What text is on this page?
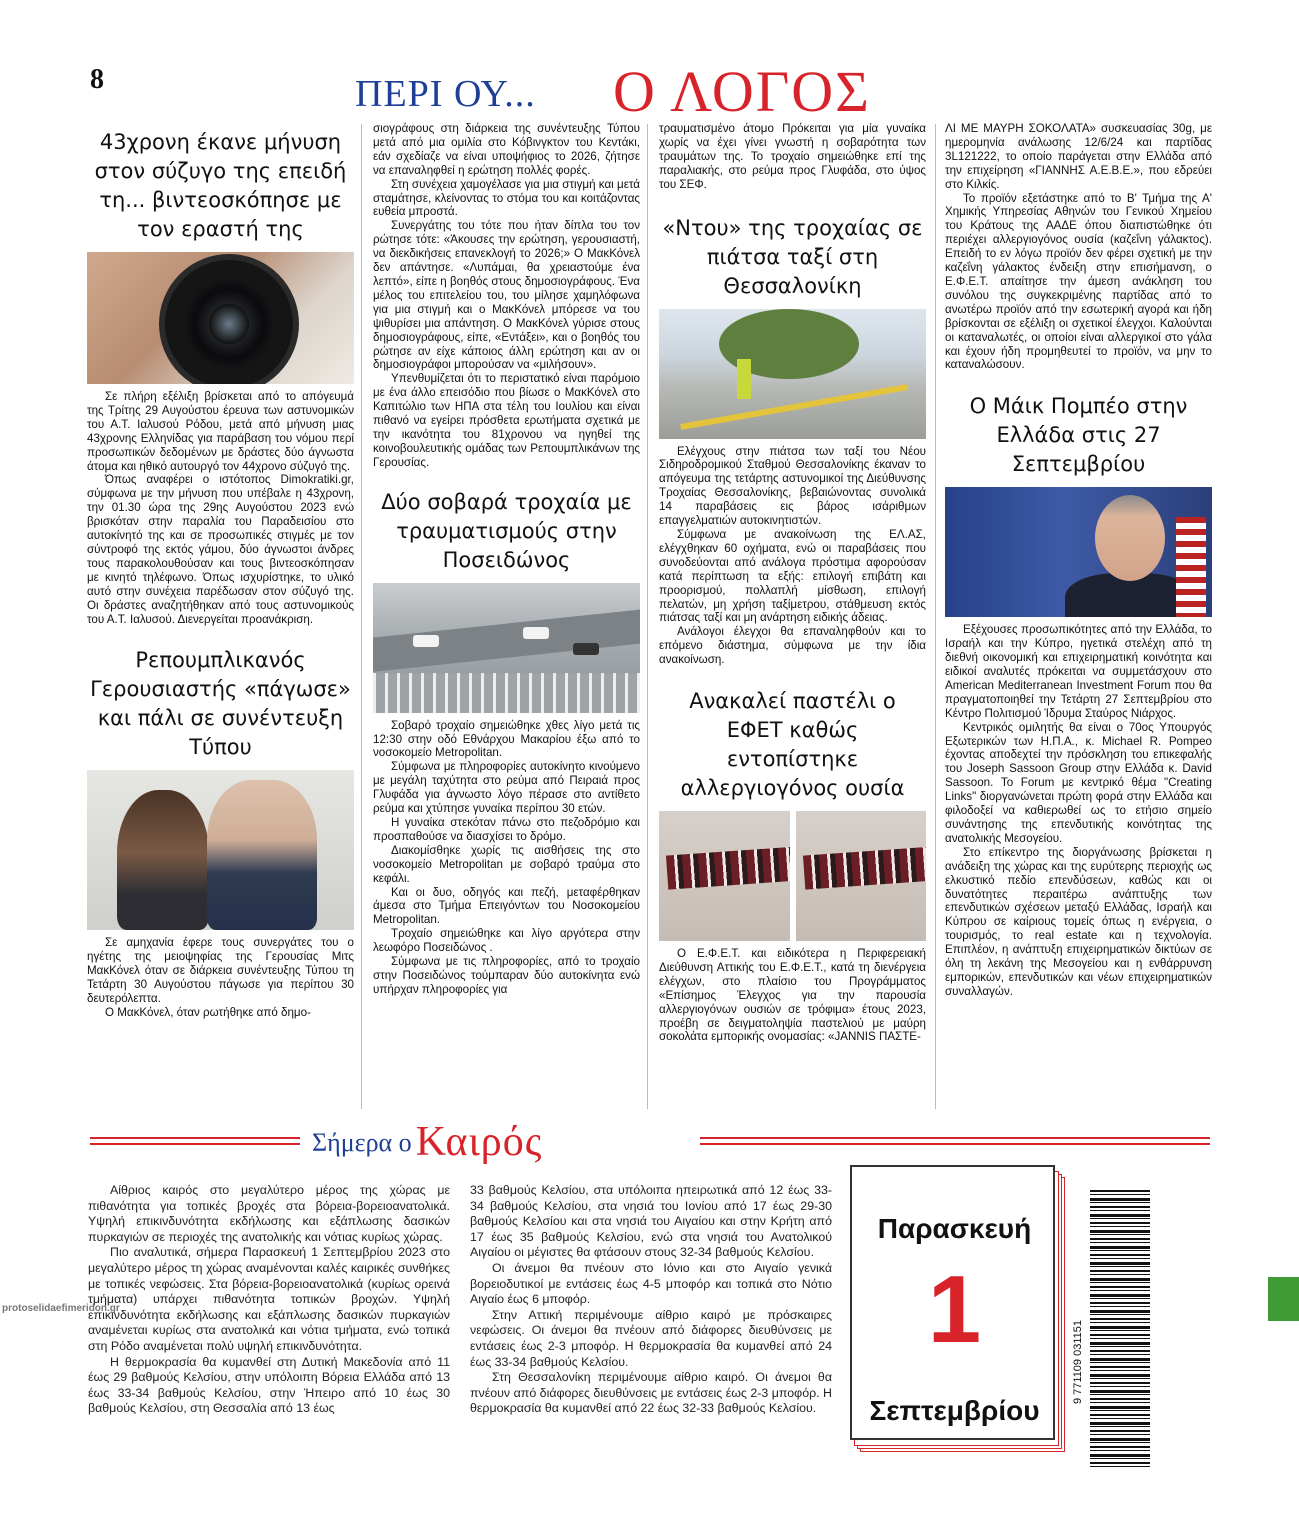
8	ΠΕΡΙ ΟΥ... Ο ΛΟΓΟΣ
43χρονη έκανε μήνυση στον σύζυγο της επειδή τη... βιντεοσκόπησε με τον εραστή της

Σε πλήρη εξέλιξη βρίσκεται από το απόγευμά της Τρίτης 29 Αυγούστου έρευνα των αστυνομικών του Α.Τ. Ιαλυσού Ρόδου, μετά από μήνυση μιας 43χρονης Ελληνίδας για παράβαση του νόμου περί προσωπικών δεδομένων με δράστες δύο άγνωστα άτομα και ηθικό αυτουργό τον 44χρονο σύζυγό της.

Όπως αναφέρει ο ιστότοπος Dimokratiki.gr, σύμφωνα με την μήνυση που υπέβαλε η 43χρονη, την 01.30 ώρα της 29ης Αυγούστου 2023 ενώ βρισκόταν στην παραλία του Παραδεισίου στο αυτοκίνητό της και σε προσωπικές στιγμές με τον σύντροφό της εκτός γάμου, δύο άγνωστοι άνδρες τους παρακολουθούσαν και τους βιντεοσκόπησαν με κινητό τηλέφωνο. Όπως ισχυρίστηκε, το υλικό αυτό στην συνέχεια παρέδωσαν στον σύζυγό της. Οι δράστες αναζητήθηκαν από τους αστυνομικούς του Α.Τ. Ιαλυσού. Διενεργείται προανάκριση.

Ρεπουμπλικανός Γερουσιαστής «πάγωσε» και πάλι σε συνέντευξη Τύπου

Σε αμηχανία έφερε τους συνεργάτες του ο ηγέτης της μειοψηφίας της Γερουσίας Μιτς ΜακΚόνελ όταν σε διάρκεια συνέντευξης Τύπου τη Τετάρτη 30 Αυγούστου πάγωσε για περίπου 30 δευτερόλεπτα.

Ο ΜακΚόνελ, όταν ρωτήθηκε από δημο-

σιογράφους στη διάρκεια της συνέντευξης Τύπου μετά από μια ομιλία στο Κόβινγκτον του Κεντάκι, εάν σχεδίαζε να είναι υποψήφιος το 2026, ζήτησε να επαναληφθεί η ερώτηση πολλές φορές.

Στη συνέχεια χαμογέλασε για μια στιγμή και μετά σταμάτησε, κλείνοντας το στόμα του και κοιτάζοντας ευθεία μπροστά.

Συνεργάτης του τότε που ήταν δίπλα του τον ρώτησε τότε: «Άκουσες την ερώτηση, γερουσιαστή, να διεκδικήσεις επανεκλογή το 2026;» Ο ΜακΚόνελ δεν απάντησε. «Λυπάμαι, θα χρειαστούμε ένα λεπτό», είπε η βοηθός στους δημοσιογράφους. Ένα μέλος του επιτελείου του, του μίλησε χαμηλόφωνα για μια στιγμή και ο ΜακΚόνελ μπόρεσε να του ψιθυρίσει μια απάντηση. Ο ΜακΚόνελ γύρισε στους δημοσιογράφους, είπε, «Εντάξει», και ο βοηθός του ρώτησε αν είχε κάποιος άλλη ερώτηση και αν οι δημοσιογράφοι μπορούσαν να «μιλήσουν».

Υπενθυμίζεται ότι το περιστατικό είναι παρόμοιο με ένα άλλο επεισόδιο που βίωσε ο ΜακΚόνελ στο Καπιτώλιο των ΗΠΑ στα τέλη του Ιουλίου και είναι πιθανό να εγείρει πρόσθετα ερωτήματα σχετικά με την ικανότητα του 81χρονου να ηγηθεί της κοινοβουλευτικής ομάδας των Ρεπουμπλικάνων της Γερουσίας.

Δύο σοβαρά τροχαία με τραυματισμούς στην Ποσειδώνος

Σοβαρό τροχαίο σημειώθηκε χθες λίγο μετά τις 12:30 στην οδό Εθνάρχου Μακαρίου έξω από το νοσοκομείο Metropolitan.

Σύμφωνα με πληροφορίες αυτοκίνητο κινούμενο με μεγάλη ταχύτητα στο ρεύμα από Πειραιά προς Γλυφάδα για άγνωστο λόγο πέρασε στο αντίθετο ρεύμα και χτύπησε γυναίκα περίπου 30 ετών.

Η γυναίκα στεκόταν πάνω στο πεζοδρόμιο και προσπαθούσε να διασχίσει το δρόμο.

Διακομίσθηκε χωρίς τις αισθήσεις της στο νοσοκομείο Metropolitan με σοβαρό τραύμα στο κεφάλι.

Και οι δυο, οδηγός και πεζή, μεταφέρθηκαν άμεσα στο Τμήμα Επειγόντων του Νοσοκομείου Metropolitan.

Τροχαίο σημειώθηκε και λίγο αργότερα στην λεωφόρο Ποσειδώνος .

Σύμφωνα με τις πληροφορίες, από το τροχαίο στην Ποσειδώνος τούμπαραν δύο αυτοκίνητα ενώ υπήρχαν πληροφορίες για

τραυματισμένο άτομο Πρόκειται για μία γυναίκα χωρίς να έχει γίνει γνωστή η σοβαρότητα των τραυμάτων της. Το τροχαίο σημειώθηκε επί της παραλιακής, στο ρεύμα προς Γλυφάδα, στο ύψος του ΣΕΦ.

«Ντου» της τροχαίας σε πιάτσα ταξί στη Θεσσαλονίκη

Ελέγχους στην πιάτσα των ταξί του Νέου Σιδηροδρομικού Σταθμού Θεσσαλονίκης έκαναν το απόγευμα της τετάρτης αστυνομικοί της Διεύθυνσης Τροχαίας Θεσσαλονίκης, βεβαιώνοντας συνολικά 14 παραβάσεις εις βάρος ισάριθμων επαγγελματιών αυτοκινητιστών.

Σύμφωνα με ανακοίνωση της ΕΛ.ΑΣ, ελέγχθηκαν 60 οχήματα, ενώ οι παραβάσεις που συνοδεύονται από ανάλογα πρόστιμα αφορούσαν κατά περίπτωση τα εξής: επιλογή επιβάτη και προορισμού, πολλαπλή μίσθωση, επιλογή πελατών, μη χρήση ταξίμετρου, στάθμευση εκτός πιάτσας ταξί και μη ανάρτηση ειδικής άδειας.

Ανάλογοι έλεγχοι θα επαναληφθούν και το επόμενο διάστημα, σύμφωνα με την ίδια ανακοίνωση.

Ανακαλεί παστέλι ο ΕΦΕΤ καθώς εντοπίστηκε αλλεργιογόνος ουσία

Ο Ε.Φ.Ε.Τ. και ειδικότερα η Περιφερειακή Διεύθυνση Αττικής του Ε.Φ.Ε.Τ., κατά τη διενέργεια ελέγχων, στο πλαίσιο του Προγράμματος «Επίσημος Έλεγχος για την παρουσία αλλεργιογόνων ουσιών σε τρόφιμα» έτους 2023, προέβη σε δειγματοληψία παστελιού με μαύρη σοκολάτα εμπορικής ονομασίας: «JANNIS ΠΑΣΤΕ-

ΛΙ ΜΕ ΜΑΥΡΗ ΣΟΚΟΛΑΤΑ» συσκευασίας 30g, με ημερομηνία ανάλωσης 12/6/24 και παρτίδας 3L121222, το οποίο παράγεται στην Ελλάδα από την επιχείρηση «ΓΙΑΝΝΗΣ Α.Ε.Β.Ε.», που εδρεύει στο Κιλκίς.

Το προϊόν εξετάστηκε από το Β' Τμήμα της Α' Χημικής Υπηρεσίας Αθηνών του Γενικού Χημείου του Κράτους της ΑΑΔΕ όπου διαπιστώθηκε ότι περιέχει αλλεργιογόνος ουσία (καζεΐνη γάλακτος). Επειδή το εν λόγω προϊόν δεν φέρει σχετική με την καζεΐνη γάλακτος ένδειξη στην επισήμανση, ο Ε.Φ.Ε.Τ. απαίτησε την άμεση ανάκληση του συνόλου της συγκεκριμένης παρτίδας από το ανωτέρω προϊόν από την εσωτερική αγορά και ήδη βρίσκονται σε εξέλιξη οι σχετικοί έλεγχοι. Καλούνται οι καταναλωτές, οι οποίοι είναι αλλεργικοί στο γάλα και έχουν ήδη προμηθευτεί το προϊόν, να μην το καταναλώσουν.

Ο Μάικ Πομπέο στην Ελλάδα στις 27 Σεπτεμβρίου

Εξέχουσες προσωπικότητες από την Ελλάδα, το Ισραήλ και την Κύπρο, ηγετικά στελέχη από τη διεθνή οικονομική και επιχειρηματική κοινότητα και ειδικοί αναλυτές πρόκειται να συμμετάσχουν στο American Mediterranean Investment Forum που θα πραγματοποιηθεί την Τετάρτη 27 Σεπτεμβρίου στο Κέντρο Πολιτισμού Ίδρυμα Σταύρος Νιάρχος.

Κεντρικός ομιλητής θα είναι ο 70ος Υπουργός Εξωτερικών των Η.Π.Α., κ. Michael R. Pompeo έχοντας αποδεχτεί την πρόσκληση του επικεφαλής του Joseph Sassoon Group στην Ελλάδα κ. David Sassoon. Το Forum με κεντρικό θέμα "Creating Links" διοργανώνεται πρώτη φορά στην Ελλάδα και φιλοδοξεί να καθιερωθεί ως το ετήσιο σημείο συνάντησης της επενδυτικής κοινότητας της ανατολικής Μεσογείου.

Στο επίκεντρο της διοργάνωσης βρίσκεται η ανάδειξη της χώρας και της ευρύτερης περιοχής ως ελκυστικό πεδίο επενδύσεων, καθώς και οι δυνατότητες περαιτέρω ανάπτυξης των επενδυτικών σχέσεων μεταξύ Ελλάδας, Ισραήλ και Κύπρου σε καίριους τομείς όπως η ενέργεια, ο τουρισμός, το real estate και η τεχνολογία. Επιπλέον, η ανάπτυξη επιχειρηματικών δικτύων σε όλη τη λεκάνη της Μεσογείου και η ενθάρρυνση εμπορικών, επενδυτικών και νέων επιχειρηματικών συναλλαγών.

Σήμερα ο Καιρός

Αίθριος καιρός στο μεγαλύτερο μέρος της χώρας με πιθανότητα για τοπικές βροχές στα βόρεια-βορειοανατολικά. Υψηλή επικινδυνότητα εκδήλωσης και εξάπλωσης δασικών πυρκαγιών σε περιοχές της ανατολικής και νότιας κυρίως χώρας.

Πιο αναλυτικά, σήμερα Παρασκευή 1 Σεπτεμβρίου 2023 στο μεγαλύτερο μέρος τη χώρας αναμένονται καλές καιρικές συνθήκες με τοπικές νεφώσεις. Στα βόρεια-βορειοανατολικά (κυρίως ορεινά τμήματα) υπάρχει πιθανότητα τοπικών βροχών. Υψηλή επικινδυνότητα εκδήλωσης και εξάπλωσης δασικών πυρκαγιών αναμένεται κυρίως στα ανατολικά και νότια τμήματα, ενώ τοπικά στη Ρόδο αναμένεται πολύ υψηλή επικινδυνότητα.

Η θερμοκρασία θα κυμανθεί στη Δυτική Μακεδονία από 11 έως 29 βαθμούς Κελσίου, στην υπόλοιπη Βόρεια Ελλάδα από 13 έως 33-34 βαθμούς Κελσίου, στην Ήπειρο από 10 έως 30 βαθμούς Κελσίου, στη Θεσσαλία από 13 έως

33 βαθμούς Κελσίου, στα υπόλοιπα ηπειρωτικά από 12 έως 33-34 βαθμούς Κελσίου, στα νησιά του Ιονίου από 17 έως 29-30 βαθμούς Κελσίου και στα νησιά του Αιγαίου και στην Κρήτη από 17 έως 35 βαθμούς Κελσίου, ενώ στα νησιά του Ανατολικού Αιγαίου οι μέγιστες θα φτάσουν στους 32-34 βαθμούς Κελσίου.

Οι άνεμοι θα πνέουν στο Ιόνιο και στο Αιγαίο γενικά βορειοδυτικοί με εντάσεις έως 4-5 μποφόρ και τοπικά στο Νότιο Αιγαίο έως 6 μποφόρ.

Στην Αττική περιμένουμε αίθριο καιρό με πρόσκαιρες νεφώσεις. Οι άνεμοι θα πνέουν από διάφορες διευθύνσεις με εντάσεις έως 2-3 μποφόρ. Η θερμοκρασία θα κυμανθεί από 24 έως 33-34 βαθμούς Κελσίου.

Στη Θεσσαλονίκη περιμένουμε αίθριο καιρό. Οι άνεμοι θα πνέουν από διάφορες διευθύνσεις με εντάσεις έως 2-3 μποφόρ. Η θερμοκρασία θα κυμανθεί από 22 έως 32-33 βαθμούς Κελσίου.

Παρασκευή
1
Σεπτεμβρίου
9 771109 031151
protoselidaefimeridon.gr
